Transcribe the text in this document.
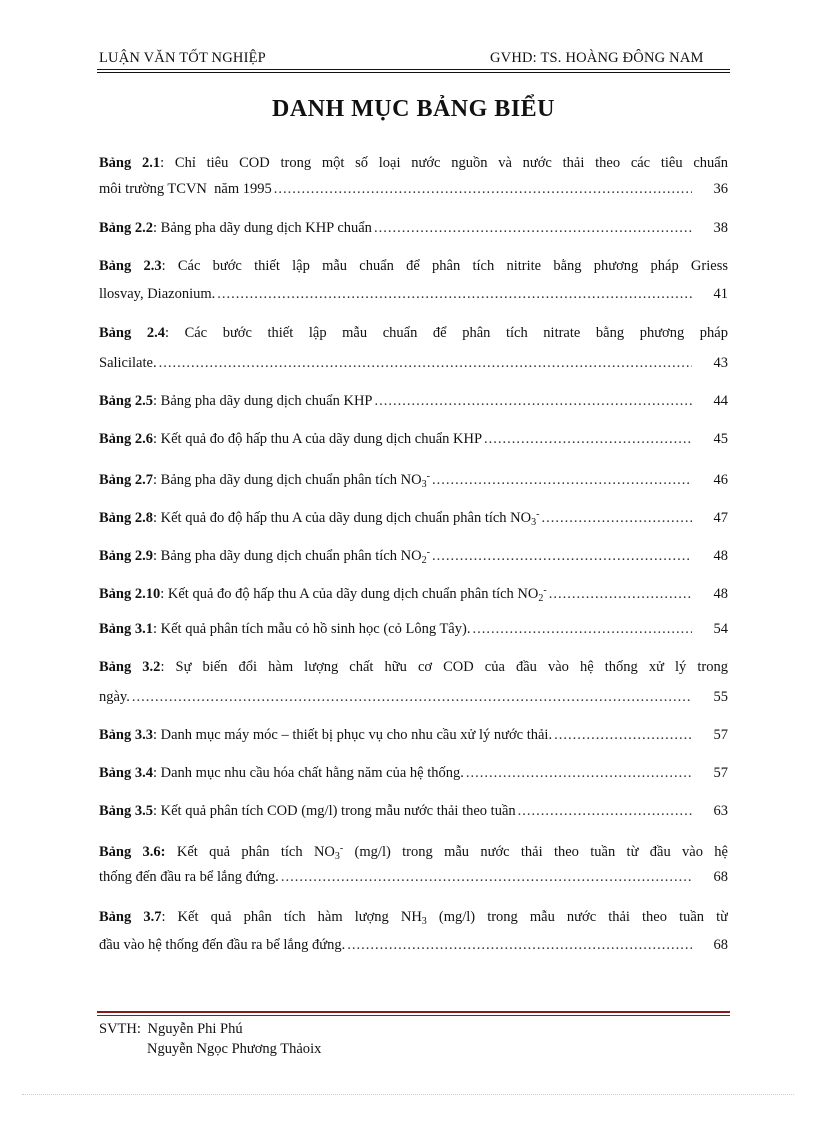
LUẬN VĂN TỐT NGHIỆP	GVHD: TS. HOÀNG ĐÔNG NAM
DANH MỤC BẢNG BIỂU
Bảng 2.1: Chỉ tiêu COD trong một số loại nước nguồn và nước thải theo các tiêu chuẩn
môi trường TCVN  năm 1995 .....	36
Bảng 2.2: Bảng pha dãy dung dịch KHP chuẩn .....	38
Bảng 2.3: Các bước thiết lập mẫu chuẩn để phân tích nitrite bằng phương pháp Griess
llosvay, Diazonium. .....	41
Bảng 2.4: Các bước thiết lập mẫu chuẩn để phân tích nitrate bằng phương pháp
Salicilate. .....	43
Bảng 2.5: Bảng pha dãy dung dịch chuẩn KHP .....	44
Bảng 2.6: Kết quả đo độ hấp thu A của dãy dung dịch chuẩn KHP .....	45
Bảng 2.7: Bảng pha dãy dung dịch chuẩn phân tích $NO_3^-$ .....	46
Bảng 2.8: Kết quả đo độ hấp thu A của dãy dung dịch chuẩn phân tích $NO_3^-$ .....	47
Bảng 2.9: Bảng pha dãy dung dịch chuẩn phân tích $NO_2^-$ .....	48
Bảng 2.10: Kết quả đo độ hấp thu A của dãy dung dịch chuẩn phân tích $NO_2^-$ .....	48
Bảng 3.1: Kết quả phân tích mẫu cỏ hồ sinh học (cỏ Lông Tây). .....	54
Bảng 3.2: Sự biến đổi hàm lượng chất hữu cơ COD của đầu vào hệ thống xử lý trong
ngày. .....	55
Bảng 3.3: Danh mục máy móc – thiết bị phục vụ cho nhu cầu xử lý nước thải. .....	57
Bảng 3.4: Danh mục nhu cầu hóa chất hằng năm của hệ thống. .....	57
Bảng 3.5: Kết quả phân tích COD (mg/l) trong mẫu nước thải theo tuần .....	63
Bảng 3.6: Kết quả phân tích $NO_3^-$ (mg/l) trong mẫu nước thải theo tuần từ đầu vào hệ
thống đến đầu ra bể lắng đứng. .....	68
Bảng 3.7: Kết quả phân tích hàm lượng $NH_3$ (mg/l) trong mẫu nước thải theo tuần từ
đầu vào hệ thống đến đầu ra bể lắng đứng. .....	68
SVTH: Nguyễn Phi Phú
Nguyễn Ngọc Phương Thảoix
